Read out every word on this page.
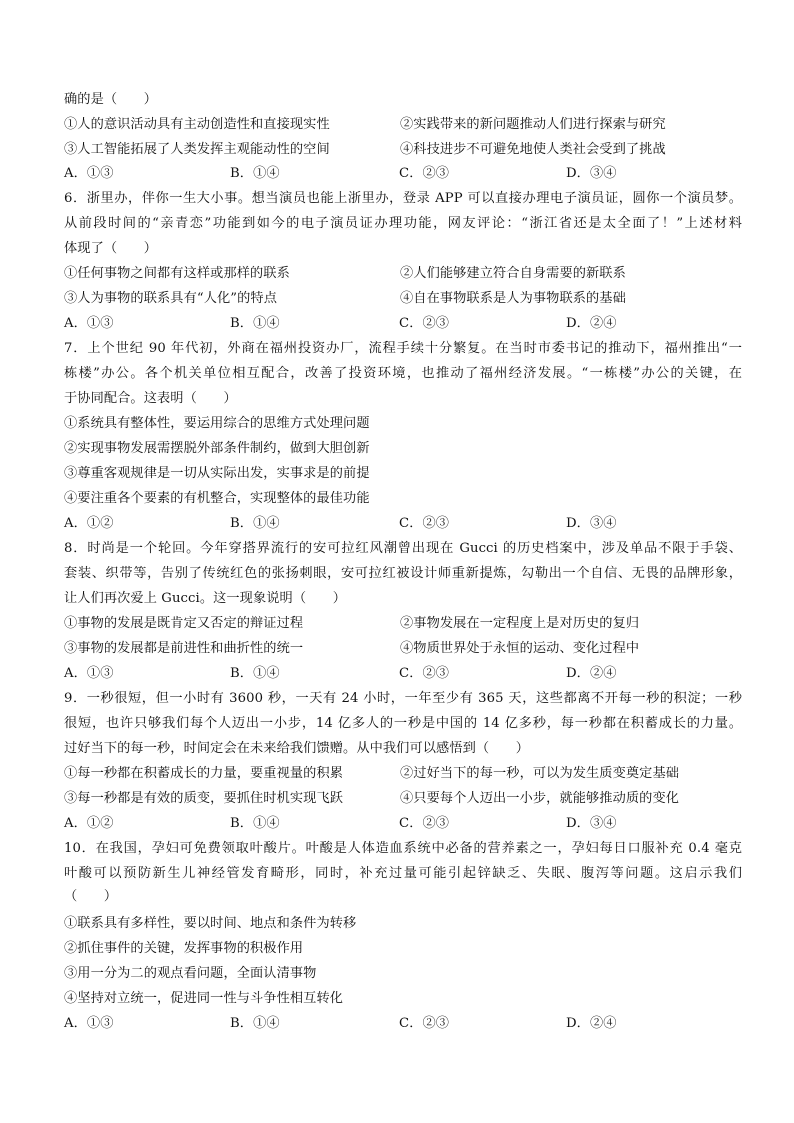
确的是（　　）
①人的意识活动具有主动创造性和直接现实性	②实践带来的新问题推动人们进行探索与研究
③人工智能拓展了人类发挥主观能动性的空间	④科技进步不可避免地使人类社会受到了挑战
A．①③	B．①④	C．②③	D．③④
6．浙里办，伴你一生大小事。想当演员也能上浙里办，登录 APP 可以直接办理电子演员证，圆你一个演员梦。
从前段时间的“亲青恋”功能到如今的电子演员证办理功能，网友评论：“浙江省还是太全面了！”上述材料
体现了（　　）
①任何事物之间都有这样或那样的联系	②人们能够建立符合自身需要的新联系
③人为事物的联系具有“人化”的特点	④自在事物联系是人为事物联系的基础
A．①③	B．①④	C．②③	D．②④
7．上个世纪 90 年代初，外商在福州投资办厂，流程手续十分繁复。在当时市委书记的推动下，福州推出“一
栋楼”办公。各个机关单位相互配合，改善了投资环境，也推动了福州经济发展。“一栋楼”办公的关键，在
于协同配合。这表明（　　）
①系统具有整体性，要运用综合的思维方式处理问题
②实现事物发展需摆脱外部条件制约，做到大胆创新
③尊重客观规律是一切从实际出发，实事求是的前提
④要注重各个要素的有机整合，实现整体的最佳功能
A．①②	B．①④	C．②③	D．③④
8．时尚是一个轮回。今年穿搭界流行的安可拉红风潮曾出现在 Gucci 的历史档案中，涉及单品不限于手袋、
套装、织带等，告别了传统红色的张扬刺眼，安可拉红被设计师重新提炼，勾勒出一个自信、无畏的品牌形象，
让人们再次爱上 Gucci。这一现象说明（　　）
①事物的发展是既肯定又否定的辩证过程	②事物发展在一定程度上是对历史的复归
③事物的发展都是前进性和曲折性的统一	④物质世界处于永恒的运动、变化过程中
A．①③	B．①④	C．②③	D．②④
9．一秒很短，但一小时有 3600 秒，一天有 24 小时，一年至少有 365 天，这些都离不开每一秒的积淀；一秒
很短，也许只够我们每个人迈出一小步，14 亿多人的一秒是中国的 14 亿多秒，每一秒都在积蓄成长的力量。
过好当下的每一秒，时间定会在未来给我们馈赠。从中我们可以感悟到（　　）
①每一秒都在积蓄成长的力量，要重视量的积累	②过好当下的每一秒，可以为发生质变奠定基础
③每一秒都是有效的质变，要抓住时机实现飞跃	④只要每个人迈出一小步，就能够推动质的变化
A．①②	B．①④	C．②③	D．③④
10．在我国，孕妇可免费领取叶酸片。叶酸是人体造血系统中必备的营养素之一，孕妇每日口服补充 0.4 毫克
叶酸可以预防新生儿神经管发育畸形，同时，补充过量可能引起锌缺乏、失眠、腹泻等问题。这启示我们
（　　）
①联系具有多样性，要以时间、地点和条件为转移
②抓住事件的关键，发挥事物的积极作用
③用一分为二的观点看问题，全面认清事物
④坚持对立统一，促进同一性与斗争性相互转化
A．①③	B．①④	C．②③	D．②④
